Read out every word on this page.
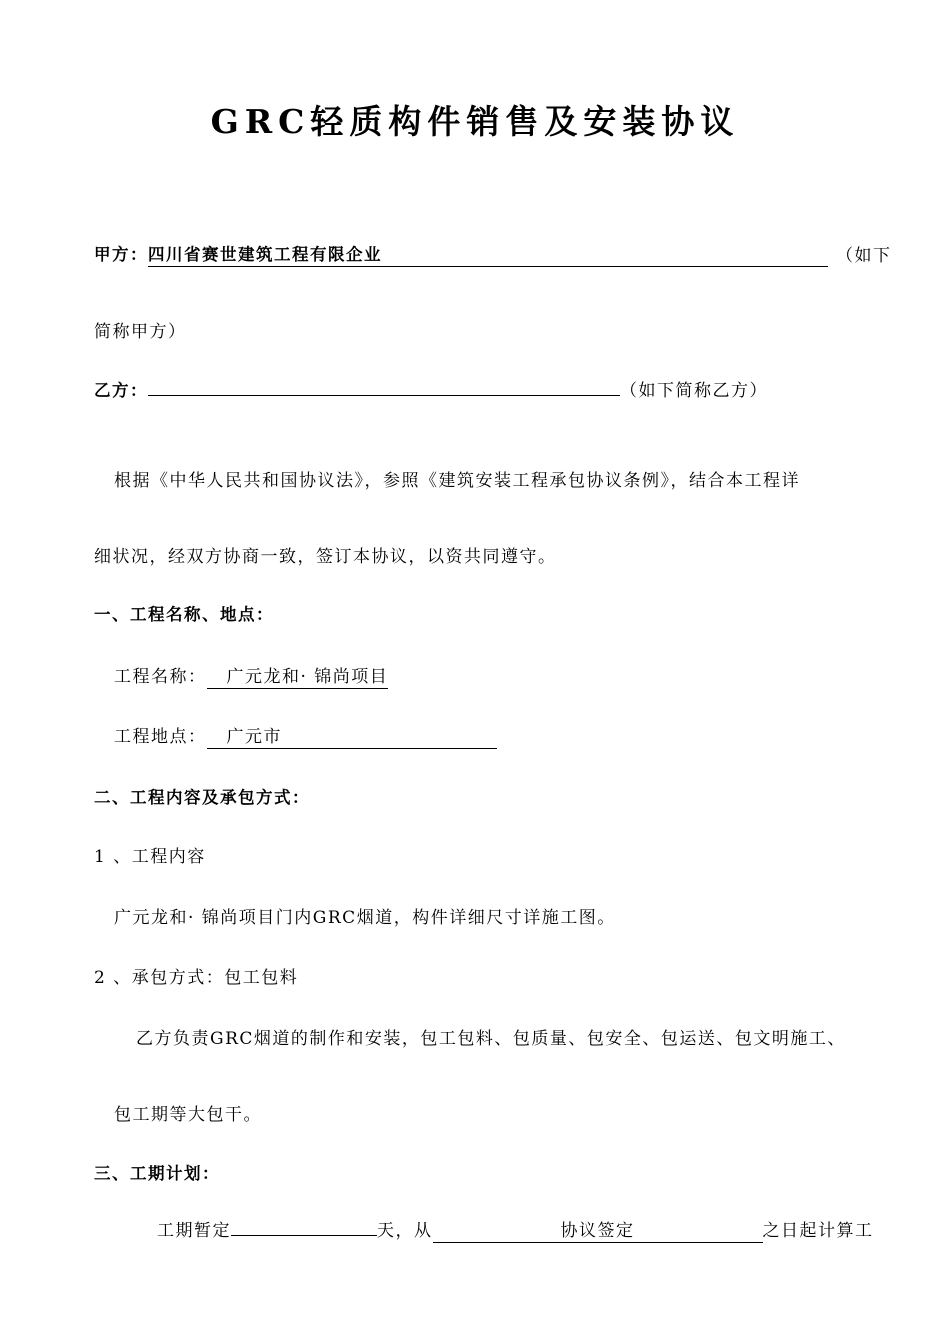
GRC轻质构件销售及安装协议
甲方：四川省赛世建筑工程有限企业	（如下
简称甲方）
乙方：	（如下简称乙方）
根据《中华人民共和国协议法》，参照《建筑安装工程承包协议条例》，结合本工程详
细状况，经双方协商一致，签订本协议，以资共同遵守。
一、工程名称、地点：
工程名称： 广元龙和· 锦尚项目
工程地点： 广元市
二、工程内容及承包方式：
1 、工程内容
广元龙和· 锦尚项目门内GRC烟道，构件详细尺寸详施工图。
2 、承包方式：包工包料
乙方负责GRC烟道的制作和安装，包工包料、包质量、包安全、包运送、包文明施工、
包工期等大包干。
三、工期计划：
工期暂定	天，从	协议签定	之日起计算工
